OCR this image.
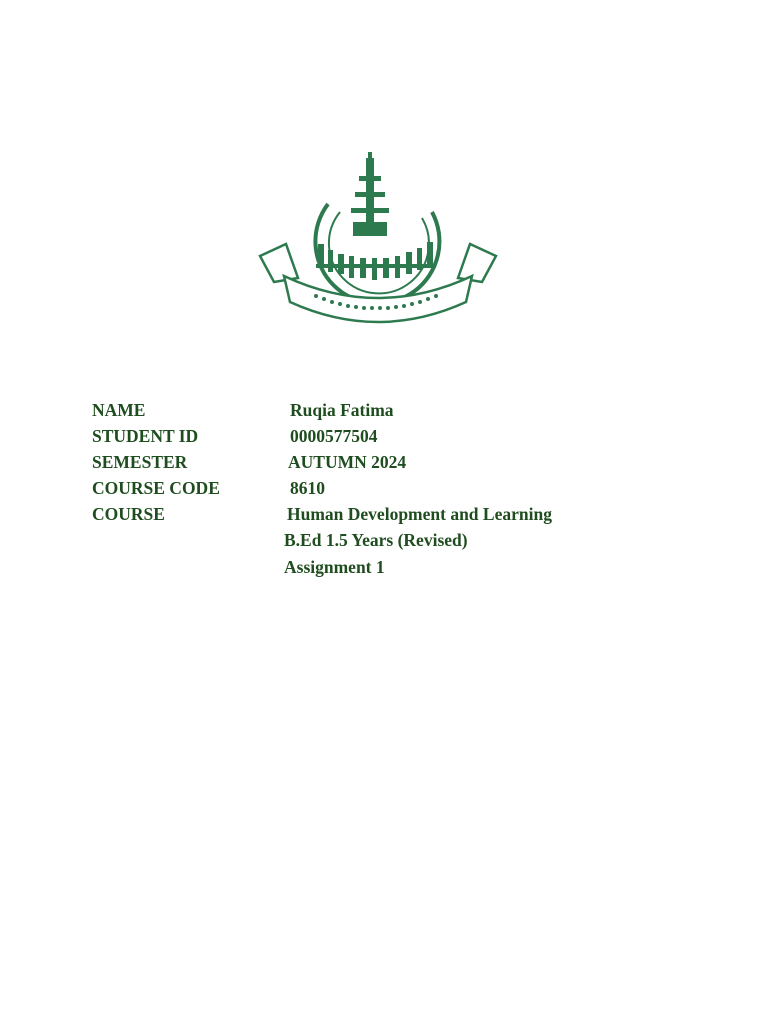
NAME	Ruqia Fatima
STUDENT ID	0000577504
SEMESTER	AUTUMN 2024
COURSE CODE	8610
COURSE	Human Development and Learning
B.Ed 1.5 Years (Revised)
Assignment 1
